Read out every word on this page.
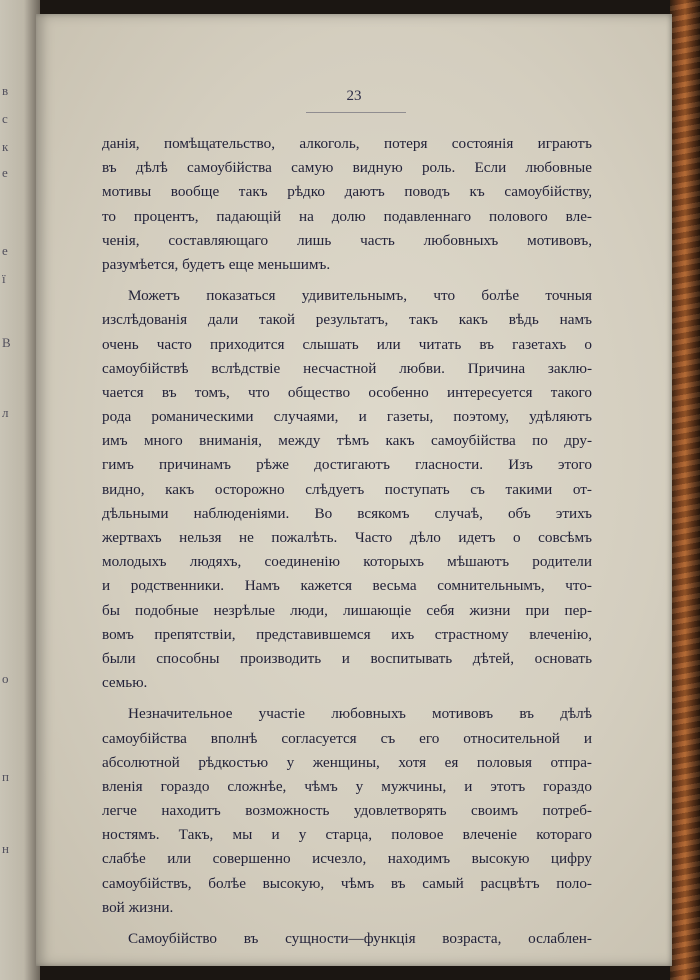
в
с
к
е
е
ї
В
л
о
п
н
23
данія, помѣщательство, алкоголь, потеря состоянія играютъ
въ дѣлѣ самоубійства самую видную роль. Если любовные
мотивы вообще такъ рѣдко даютъ поводъ къ самоубійству,
то процентъ, падающій на долю подавленнаго полового вле-
ченія, составляющаго лишь часть любовныхъ мотивовъ,
разумѣется, будетъ еще меньшимъ.
Можетъ показаться удивительнымъ, что болѣе точныя
изслѣдованія дали такой результатъ, такъ какъ вѣдь намъ
очень часто приходится слышать или читать въ газетахъ о
самоубійствѣ вслѣдствіе несчастной любви. Причина заклю-
чается въ томъ, что общество особенно интересуется такого
рода романическими случаями, и газеты, поэтому, удѣляютъ
имъ много вниманія, между тѣмъ какъ самоубійства по дру-
гимъ причинамъ рѣже достигаютъ гласности. Изъ этого
видно, какъ осторожно слѣдуетъ поступать съ такими от-
дѣльными наблюденіями. Во всякомъ случаѣ, объ этихъ
жертвахъ нельзя не пожалѣть. Часто дѣло идетъ о совсѣмъ
молодыхъ людяхъ, соединенію которыхъ мѣшаютъ родители
и родственники. Намъ кажется весьма сомнительнымъ, что-
бы подобные незрѣлые люди, лишающіе себя жизни при пер-
вомъ препятствіи, представившемся ихъ страстному влеченію,
были способны производить и воспитывать дѣтей, основать
семью.
Незначительное участіе любовныхъ мотивовъ въ дѣлѣ
самоубійства вполнѣ согласуется съ его относительной и
абсолютной рѣдкостью у женщины, хотя ея половыя отпра-
вленія гораздо сложнѣе, чѣмъ у мужчины, и этотъ гораздо
легче находитъ возможность удовлетворять своимъ потреб-
ностямъ. Такъ, мы и у старца, половое влеченіе котораго
слабѣе или совершенно исчезло, находимъ высокую цифру
самоубійствъ, болѣе высокую, чѣмъ въ самый расцвѣтъ поло-
вой жизни.
Самоубійство въ сущности—функція возраста, ослаблен-
